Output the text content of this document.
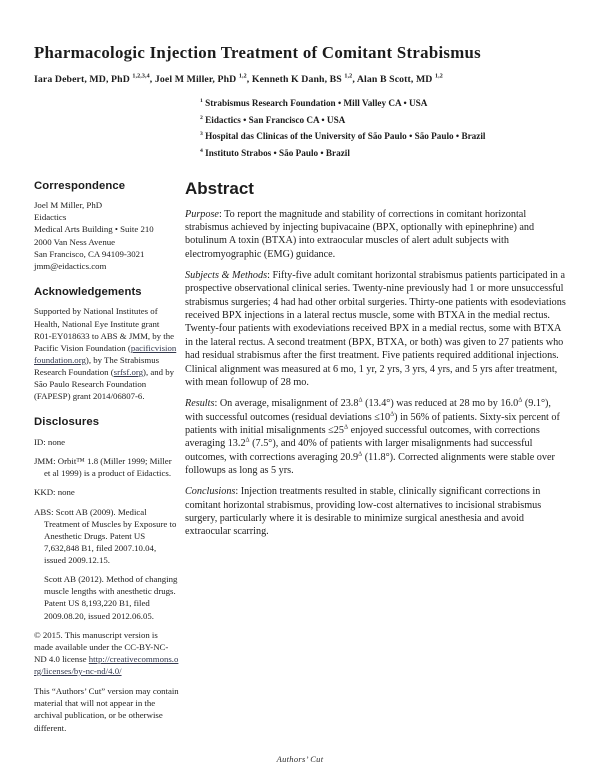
Pharmacologic Injection Treatment of Comitant Strabismus

Iara Debert, MD, PhD $^{1,2,3,4}$, Joel M Miller, PhD $^{1,2}$, Kenneth K Danh, BS $^{1,2}$, Alan B Scott, MD $^{1,2}$

$^1$ Strabismus Research Foundation • Mill Valley CA • USA
$^2$ Eidactics • San Francisco CA • USA
$^3$ Hospital das Clinicas of the University of São Paulo • São Paulo • Brazil
$^4$ Instituto Strabos • São Paulo • Brazil
Correspondence

Joel M Miller, PhD

Eidactics

Medical Arts Building • Suite 210

2000 Van Ness Avenue

San Francisco, CA 94109-3021

jmm@eidactics.com

Acknowledgements

Supported by National Institutes of Health, National Eye Institute grant R01-EY018633 to ABS & JMM, by the Pacific Vision Foundation (pacificvisionfoundation.org), by The Strabismus Research Foundation (srfsf.org), and by São Paulo Research Foundation (FAPESP) grant 2014/06807-6.

Disclosures

ID: none

JMM: Orbit™ 1.8 (Miller 1999; Miller et al 1999) is a product of Eidactics.

KKD: none

ABS: Scott AB (2009). Medical Treatment of Muscles by Exposure to Anesthetic Drugs. Patent US 7,632,848 B1, filed 2007.10.04, issued 2009.12.15.

Scott AB (2012). Method of changing muscle lengths with anesthetic drugs. Patent US 8,193,220 B1, filed 2009.08.20, issued 2012.06.05.

© 2015. This manuscript version is made available under the CC-BY-NC-ND 4.0 license http://creativecommons.org/licenses/by-nc-nd/4.0/

This “Authors’ Cut” version may contain material that will not appear in the archival publication, or be otherwise different.

Abstract

Purpose: To report the magnitude and stability of corrections in comitant horizontal strabismus achieved by injecting bupivacaine (BPX, optionally with epinephrine) and botulinum A toxin (BTXA) into extraocular muscles of alert adult subjects with electromyographic (EMG) guidance.

Subjects & Methods: Fifty-five adult comitant horizontal strabismus patients participated in a prospective observational clinical series. Twenty-nine previously had 1 or more unsuccessful strabismus surgeries; 4 had had other orbital surgeries. Thirty-one patients with esodeviations received BPX injections in a lateral rectus muscle, some with BTXA in the medial rectus. Twenty-four patients with exodeviations received BPX in a medial rectus, some with BTXA in the lateral rectus. A second treatment (BPX, BTXA, or both) was given to 27 patients who had residual strabismus after the first treatment. Five patients required additional injections. Clinical alignment was measured at 6 mo, 1 yr, 2 yrs, 3 yrs, 4 yrs, and 5 yrs after treatment, with mean followup of 28 mo.

Results: On average, misalignment of $23.8^\Delta$ (13.4°) was reduced at 28 mo by $16.0^\Delta$ (9.1°), with successful outcomes (residual deviations $\le 10^\Delta$) in 56% of patients. Sixty-six percent of patients with initial misalignments $\le 25^\Delta$ enjoyed successful outcomes, with corrections averaging $13.2^\Delta$ (7.5°), and 40% of patients with larger misalignments had successful outcomes, with corrections averaging $20.9^\Delta$ (11.8°). Corrected alignments were stable over followups as long as 5 yrs.

Conclusions: Injection treatments resulted in stable, clinically significant corrections in comitant horizontal strabismus, providing low-cost alternatives to incisional strabismus surgery, particularly where it is desirable to minimize surgical anesthesia and avoid extraocular scarring.

Authors’ Cut
